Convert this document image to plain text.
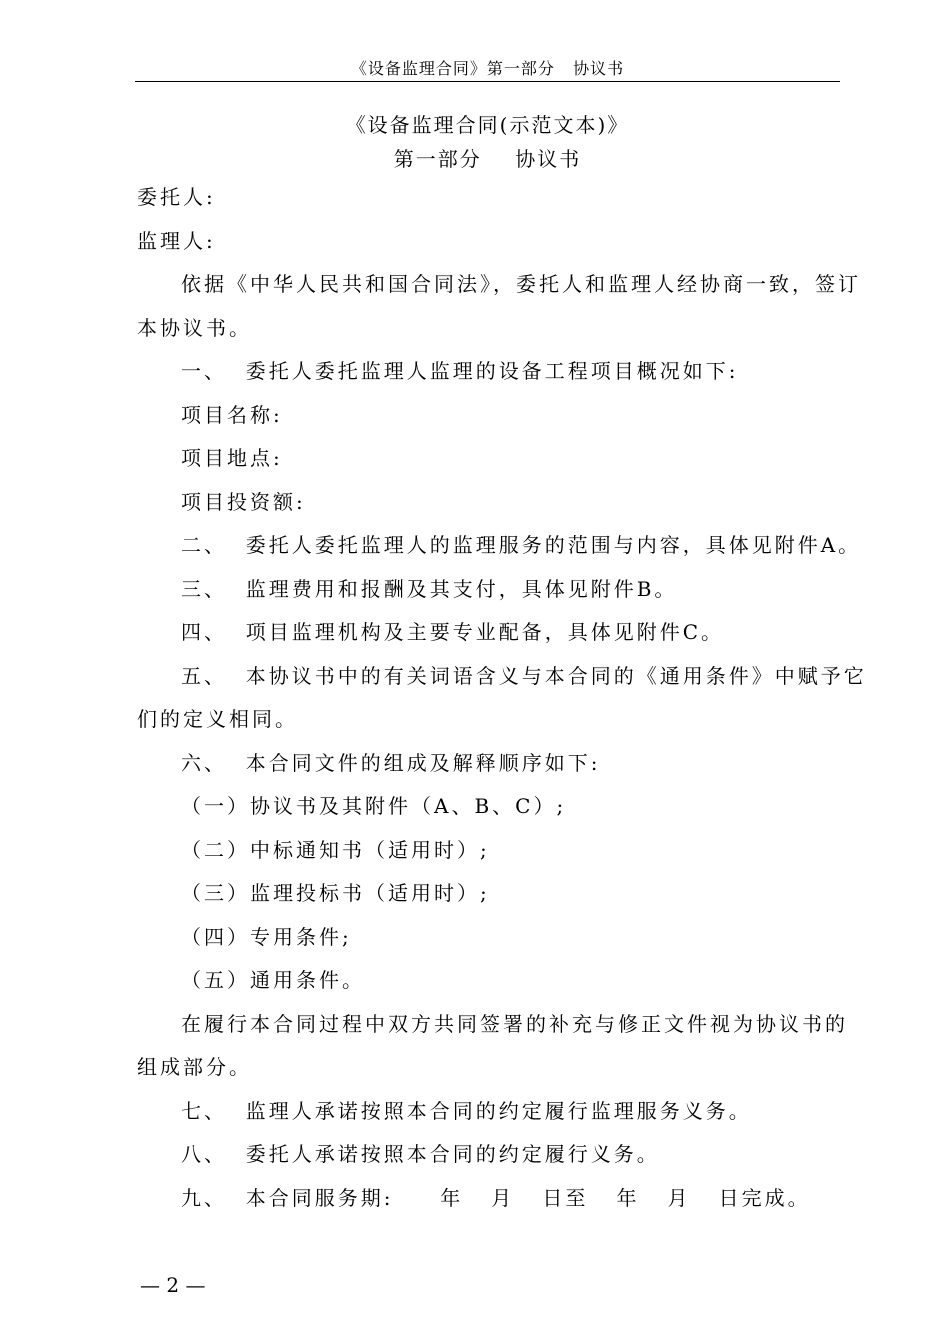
《设备监理合同》第一部分   协议书
《设备监理合同(示范文本)》
第一部分    协议书
委托人:
监理人:
依据《中华人民共和国合同法》，委托人和监理人经协商一致，签订
本协议书。
一、  委托人委托监理人监理的设备工程项目概况如下:
项目名称:
项目地点:
项目投资额:
二、  委托人委托监理人的监理服务的范围与内容，具体见附件A。
三、  监理费用和报酬及其支付，具体见附件B。
四、  项目监理机构及主要专业配备，具体见附件C。
五、  本协议书中的有关词语含义与本合同的《通用条件》中赋予它
们的定义相同。
六、  本合同文件的组成及解释顺序如下:
（一）协议书及其附件（A、B、C）;
（二）中标通知书（适用时）;
（三）监理投标书（适用时）;
（四）专用条件;
（五）通用条件。
在履行本合同过程中双方共同签署的补充与修正文件视为协议书的
组成部分。
七、  监理人承诺按照本合同的约定履行监理服务义务。
八、  委托人承诺按照本合同的约定履行义务。
九、  本合同服务期:     年   月   日至   年   月   日完成。
— 2 —
